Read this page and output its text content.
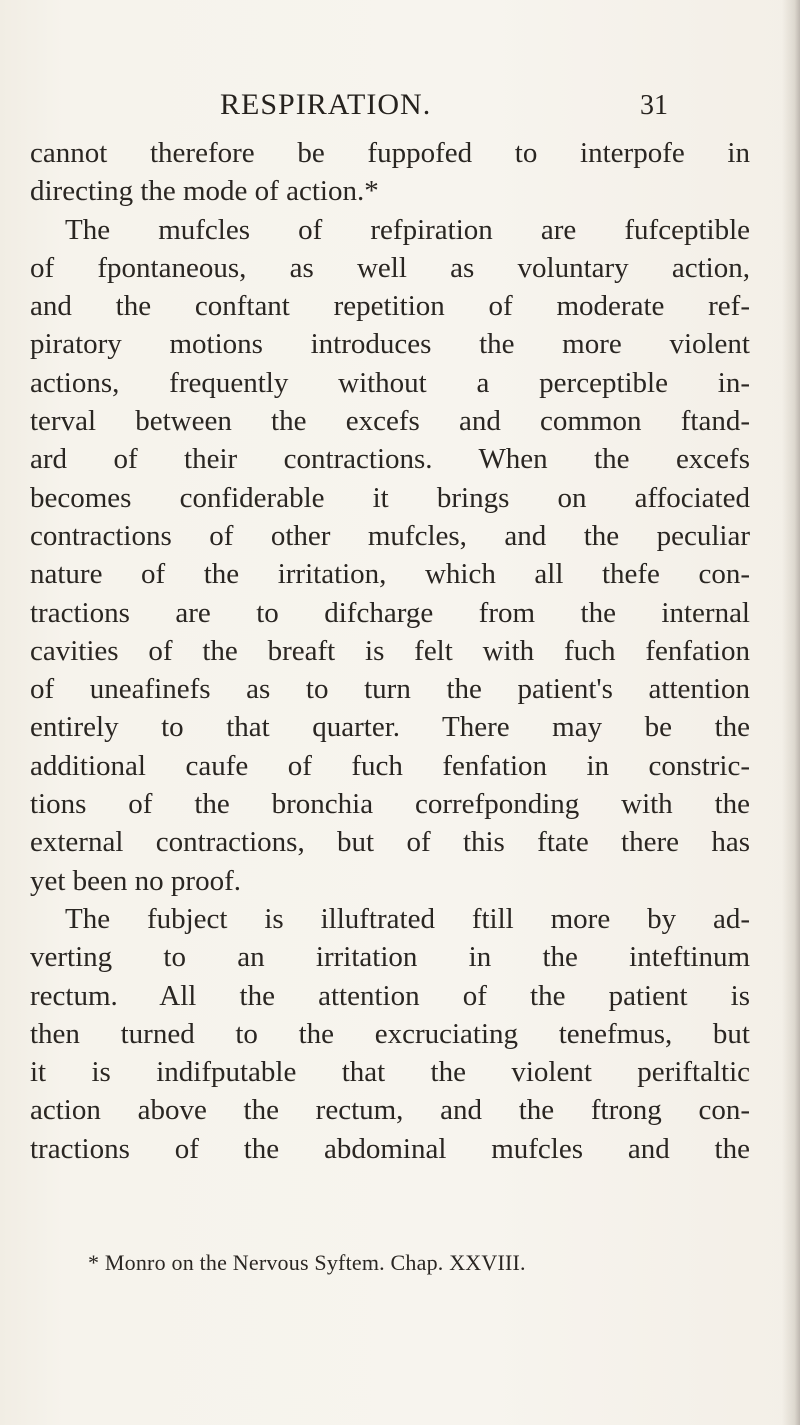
RESPIRATION.	31
cannot therefore be fuppofed to interpofe in
directing the mode of action.*
The mufcles of refpiration are fufceptible
of fpontaneous, as well as voluntary action,
and the conftant repetition of moderate ref-
piratory motions introduces the more violent
actions, frequently without a perceptible in-
terval between the excefs and common ftand-
ard of their contractions. When the excefs
becomes confiderable it brings on affociated
contractions of other mufcles, and the peculiar
nature of the irritation, which all thefe con-
tractions are to difcharge from the internal
cavities of the breaft is felt with fuch fenfation
of uneafinefs as to turn the patient's attention
entirely to that quarter. There may be the
additional caufe of fuch fenfation in constric-
tions of the bronchia correfponding with the
external contractions, but of this ftate there has
yet been no proof.
The fubject is illuftrated ftill more by ad-
verting to an irritation in the inteftinum
rectum. All the attention of the patient is
then turned to the excruciating tenefmus, but
it is indifputable that the violent periftaltic
action above the rectum, and the ftrong con-
tractions of the abdominal mufcles and the
* Monro on the Nervous Syftem. Chap. XXVIII.
